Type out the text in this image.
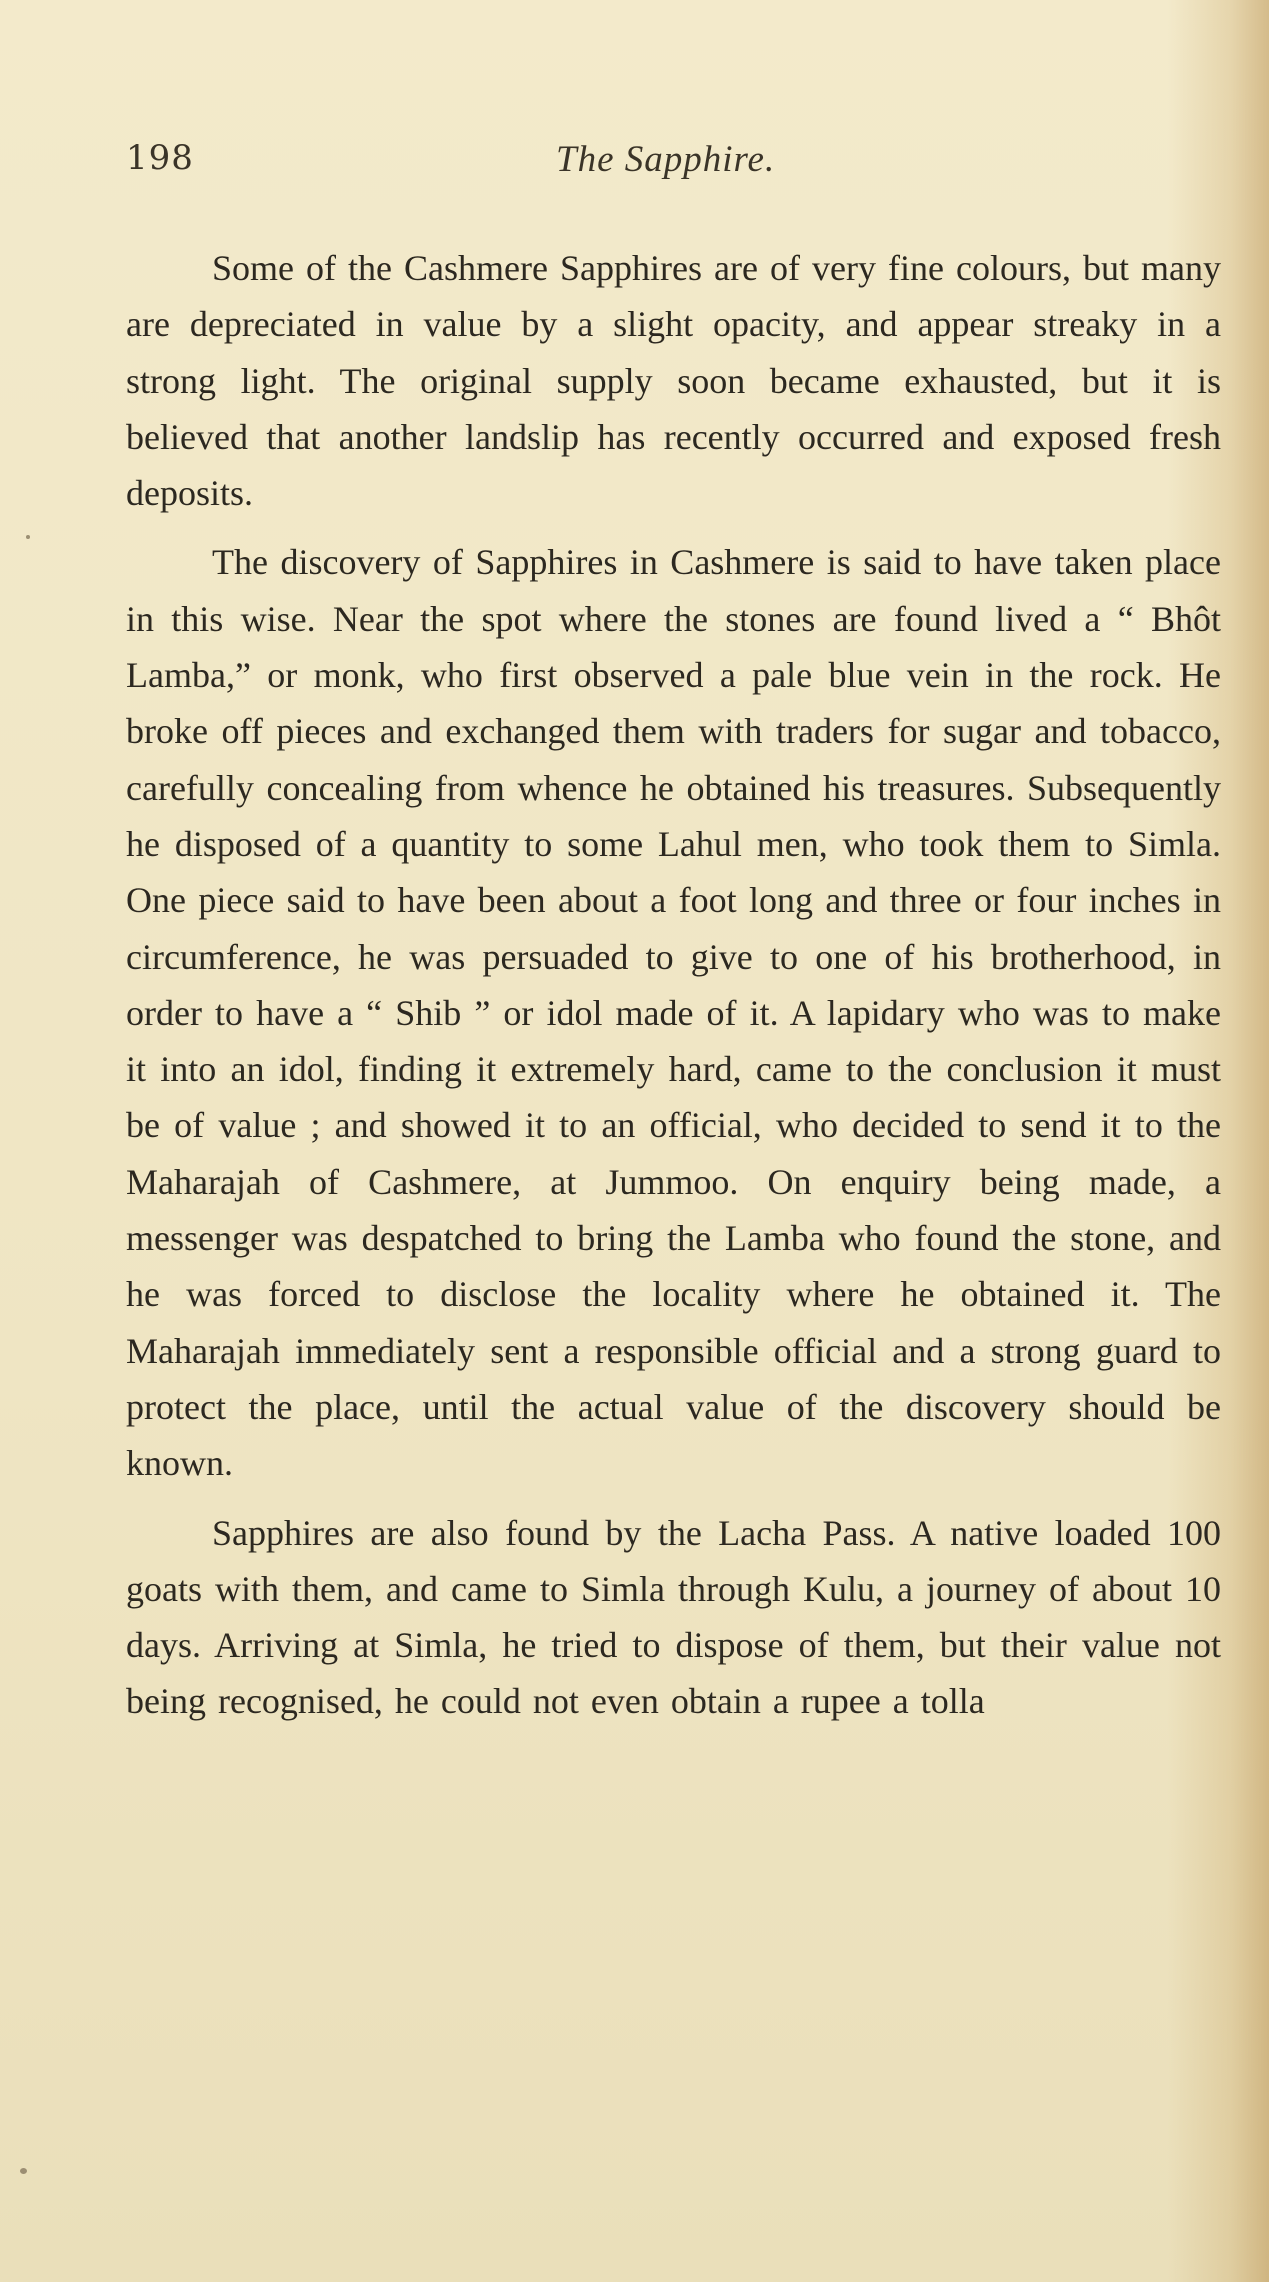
198	The Sapphire.

Some of the Cashmere Sapphires are of very fine colours, but many are depreciated in value by a slight opacity, and appear streaky in a strong light. The original supply soon became exhausted, but it is believed that another landslip has recently occurred and exposed fresh deposits.

The discovery of Sapphires in Cashmere is said to have taken place in this wise. Near the spot where the stones are found lived a “ Bhôt Lamba,” or monk, who first observed a pale blue vein in the rock. He broke off pieces and exchanged them with traders for sugar and tobacco, carefully concealing from whence he obtained his treasures. Subsequently he disposed of a quantity to some Lahul men, who took them to Simla. One piece said to have been about a foot long and three or four inches in circumference, he was persuaded to give to one of his brotherhood, in order to have a “ Shib ” or idol made of it. A lapidary who was to make it into an idol, finding it extremely hard, came to the conclusion it must be of value ; and showed it to an official, who decided to send it to the Maharajah of Cashmere, at Jummoo. On enquiry being made, a messenger was despatched to bring the Lamba who found the stone, and he was forced to disclose the locality where he obtained it. The Maharajah immediately sent a responsible official and a strong guard to protect the place, until the actual value of the discovery should be known.

Sapphires are also found by the Lacha Pass. A native loaded 100 goats with them, and came to Simla through Kulu, a journey of about 10 days. Arriving at Simla, he tried to dispose of them, but their value not being recognised, he could not even obtain a rupee a tolla
